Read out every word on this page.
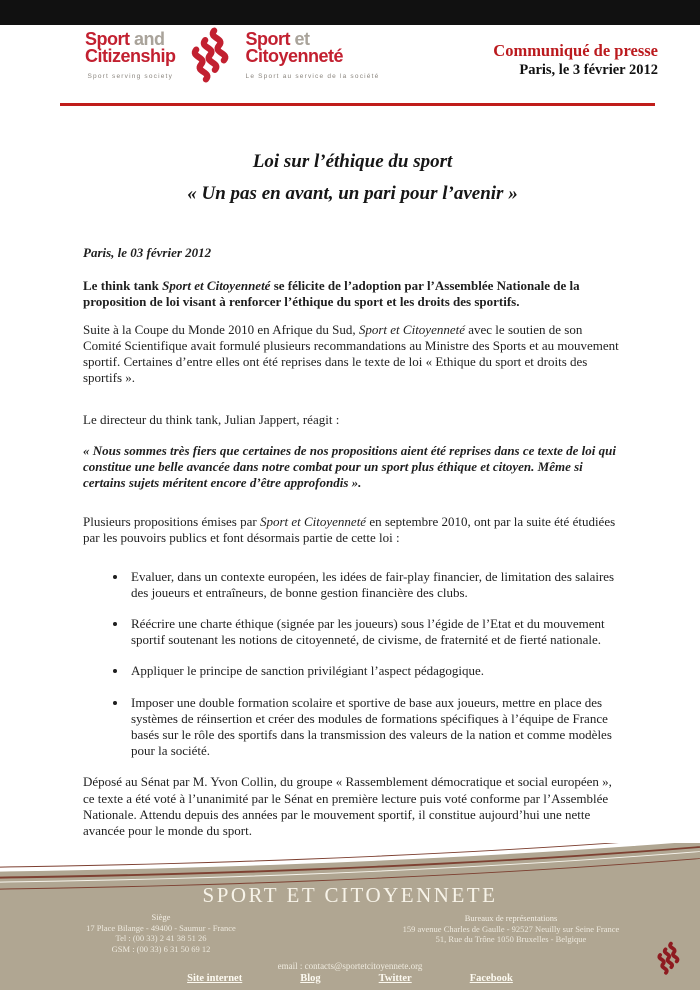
Sport and
Citizenship
Sport serving society
Sport et
Citoyenneté
Le Sport au service de la société
Communiqué de presse
Paris, le 3 février 2012
Loi sur l’éthique du sport
« Un pas en avant, un pari pour l’avenir »

Paris, le 03 février 2012

Le think tank Sport et Citoyenneté se félicite de l’adoption par l’Assemblée Nationale de la proposition de loi visant à renforcer l’éthique du sport et les droits des sportifs.

Suite à la Coupe du Monde 2010 en Afrique du Sud, Sport et Citoyenneté avec le soutien de son Comité Scientifique avait formulé plusieurs recommandations au Ministre des Sports et au mouvement sportif. Certaines d’entre elles ont été reprises dans le texte de loi « Ethique du sport et droits des sportifs ».

Le directeur du think tank, Julian Jappert, réagit :

« Nous sommes très fiers que certaines de nos propositions aient été reprises dans ce texte de loi qui constitue une belle avancée dans notre combat pour un sport plus éthique et citoyen. Même si certains sujets méritent encore d’être approfondis ».

Plusieurs propositions émises par Sport et Citoyenneté en septembre 2010, ont par la suite été étudiées par les pouvoirs publics et font désormais partie de cette loi :

• Evaluer, dans un contexte européen, les idées de fair-play financier, de limitation des salaires des joueurs et entraîneurs, de bonne gestion financière des clubs.
• Réécrire une charte éthique (signée par les joueurs) sous l’égide de l’Etat et du mouvement sportif soutenant les notions de citoyenneté, de civisme, de fraternité et de fierté nationale.
• Appliquer le principe de sanction privilégiant l’aspect pédagogique.
• Imposer une double formation scolaire et sportive de base aux joueurs, mettre en place des systèmes de réinsertion et créer des modules de formations spécifiques à l’équipe de France basés sur le rôle des sportifs dans la transmission des valeurs de la nation et comme modèles pour la société.

Déposé au Sénat par M. Yvon Collin, du groupe « Rassemblement démocratique et social européen », ce texte a été voté à l’unanimité par le Sénat en première lecture puis voté conforme par l’Assemblée Nationale. Attendu depuis des années par le mouvement sportif, il constitue aujourd’hui une nette avancée pour le monde du sport.

SPORT ET CITOYENNETE
Siège
17 Place Bilange - 49400 - Saumur - France
Tel : (00 33) 2 41 38 51 26
GSM : (00 33) 6 31 50 69 12
Bureaux de représentations
159 avenue Charles de Gaulle - 92527 Neuilly sur Seine France
51, Rue du Trône 1050 Bruxelles - Belgique
email : contacts@sportetcitoyennete.org
Site internet	Blog	Twitter	Facebook
